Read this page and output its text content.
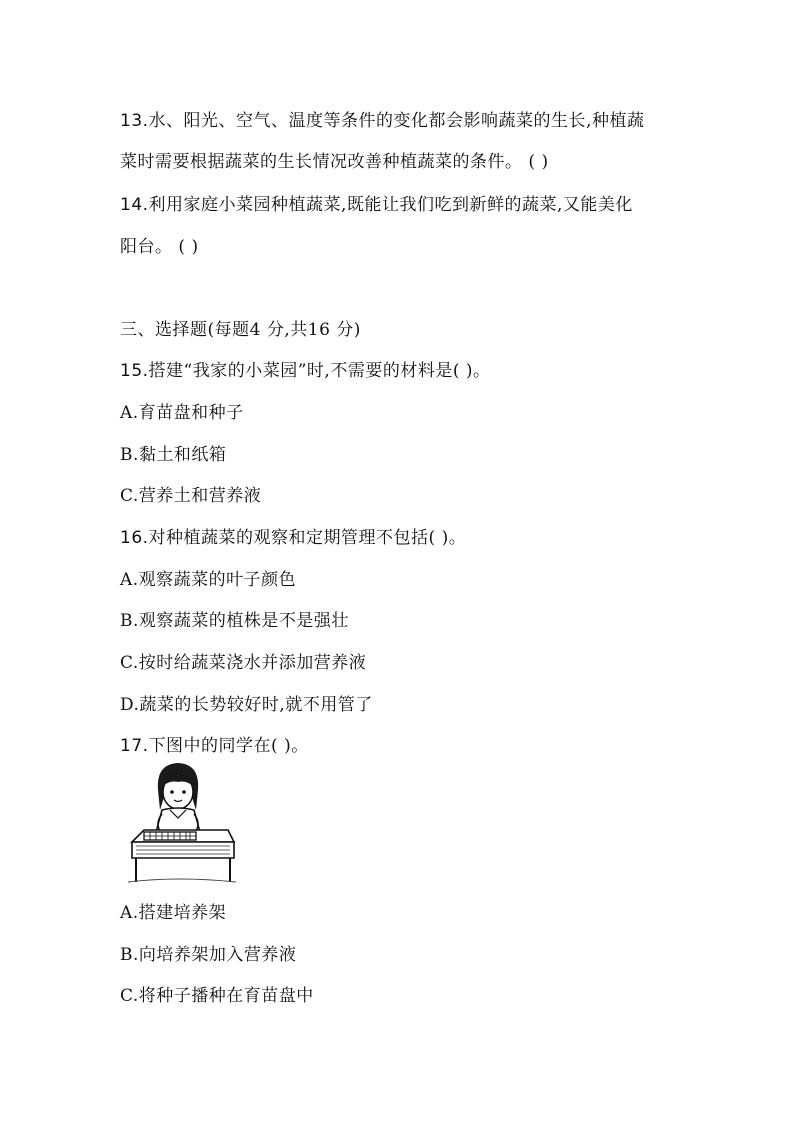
13.水、阳光、空气、温度等条件的变化都会影响蔬菜的生长,种植蔬
菜时需要根据蔬菜的生长情况改善种植蔬菜的条件。 ( )
14.利用家庭小菜园种植蔬菜,既能让我们吃到新鲜的蔬菜,又能美化
阳台。 ( )
三、选择题(每题4 分,共16 分)
15.搭建“我家的小菜园”时,不需要的材料是( )。
A.育苗盘和种子
B.黏土和纸箱
C.营养土和营养液
16.对种植蔬菜的观察和定期管理不包括( )。
A.观察蔬菜的叶子颜色
B.观察蔬菜的植株是不是强壮
C.按时给蔬菜浇水并添加营养液
D.蔬菜的长势较好时,就不用管了
17.下图中的同学在( )。
A.搭建培养架
B.向培养架加入营养液
C.将种子播种在育苗盘中
